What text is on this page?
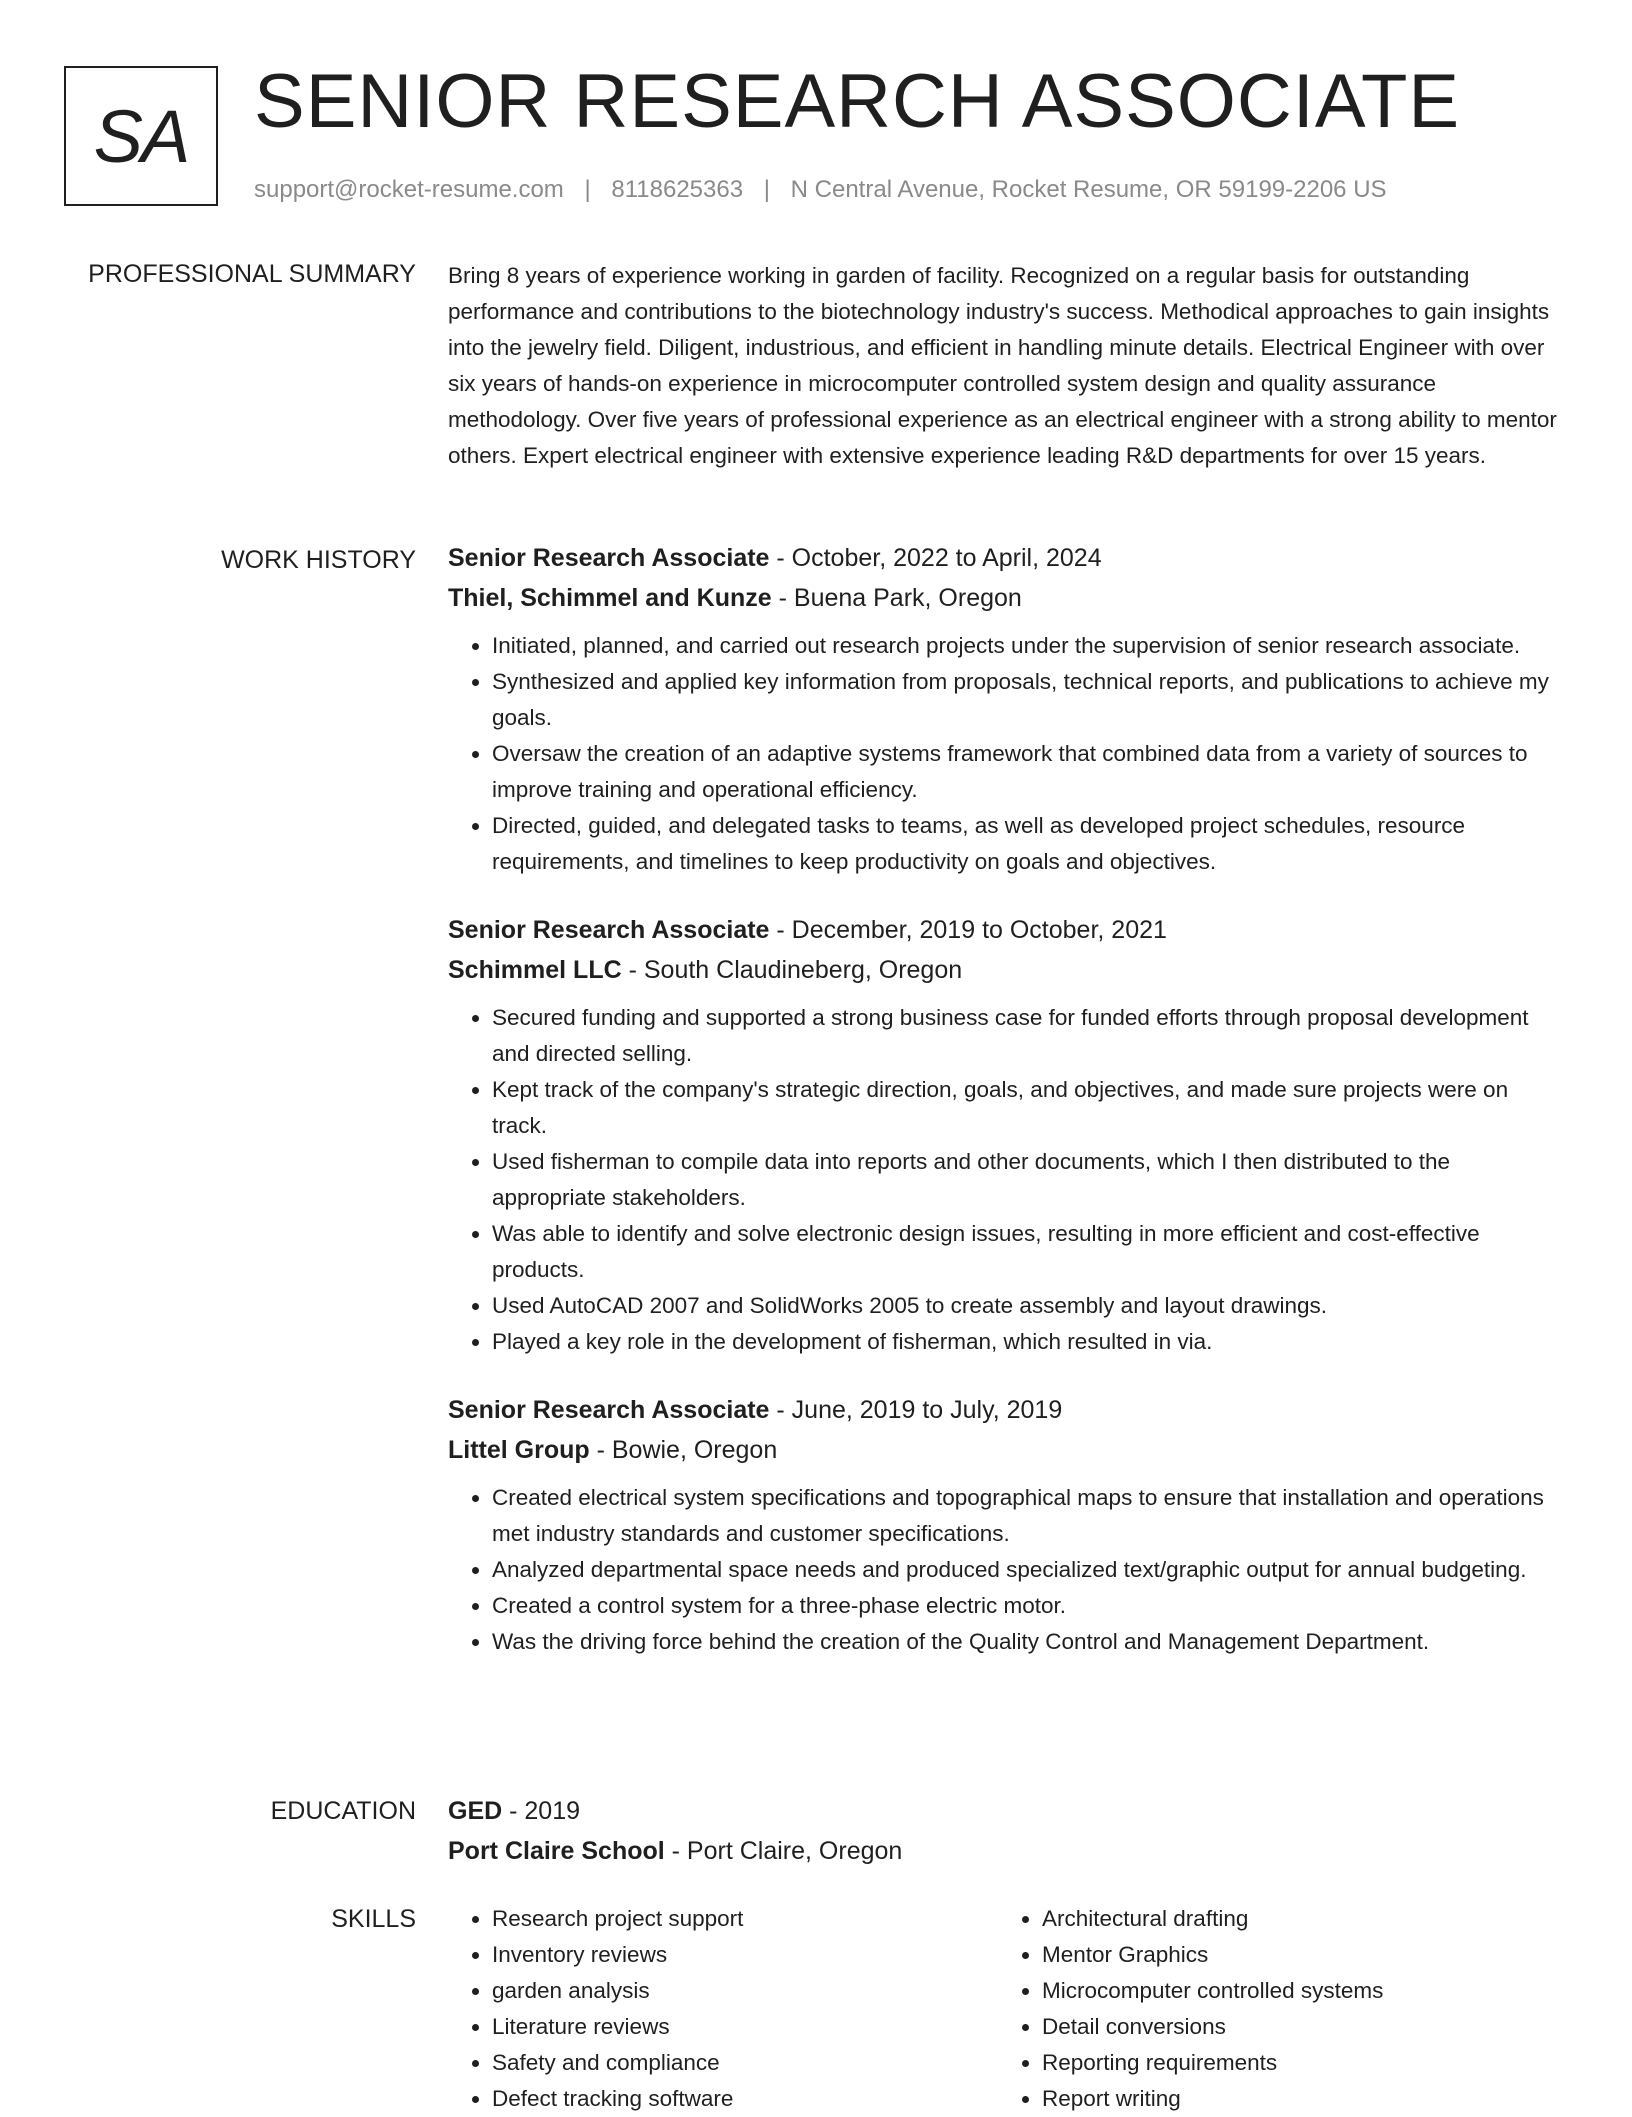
SA SENIOR RESEARCH ASSOCIATE
support@rocket-resume.com | 8118625363 | N Central Avenue, Rocket Resume, OR 59199-2206 US
PROFESSIONAL SUMMARY Bring 8 years of experience working in garden of facility. Recognized on a regular basis for outstanding performance and contributions to the biotechnology industry's success. Methodical approaches to gain insights into the jewelry field. Diligent, industrious, and efficient in handling minute details. Electrical Engineer with over six years of hands-on experience in microcomputer controlled system design and quality assurance methodology. Over five years of professional experience as an electrical engineer with a strong ability to mentor others. Expert electrical engineer with extensive experience leading R&D departments for over 15 years.

WORK HISTORY Senior Research Associate - October, 2022 to April, 2024
Thiel, Schimmel and Kunze - Buena Park, Oregon
• Initiated, planned, and carried out research projects under the supervision of senior research associate.
• Synthesized and applied key information from proposals, technical reports, and publications to achieve my goals.
• Oversaw the creation of an adaptive systems framework that combined data from a variety of sources to improve training and operational efficiency.
• Directed, guided, and delegated tasks to teams, as well as developed project schedules, resource requirements, and timelines to keep productivity on goals and objectives.
Senior Research Associate - December, 2019 to October, 2021
Schimmel LLC - South Claudineberg, Oregon
• Secured funding and supported a strong business case for funded efforts through proposal development and directed selling.
• Kept track of the company's strategic direction, goals, and objectives, and made sure projects were on track.
• Used fisherman to compile data into reports and other documents, which I then distributed to the appropriate stakeholders.
• Was able to identify and solve electronic design issues, resulting in more efficient and cost-effective products.
• Used AutoCAD 2007 and SolidWorks 2005 to create assembly and layout drawings.
• Played a key role in the development of fisherman, which resulted in via.
Senior Research Associate - June, 2019 to July, 2019
Littel Group - Bowie, Oregon
• Created electrical system specifications and topographical maps to ensure that installation and operations met industry standards and customer specifications.
• Analyzed departmental space needs and produced specialized text/graphic output for annual budgeting.
• Created a control system for a three-phase electric motor.
• Was the driving force behind the creation of the Quality Control and Management Department.
EDUCATION GED - 2019
Port Claire School - Port Claire, Oregon
SKILLS
•	Research project support
• Inventory reviews
• garden analysis
• Literature reviews
• Safety and compliance
• Defect tracking software
• Architectural drafting
• Mentor Graphics
• Microcomputer controlled systems
• Detail conversions
• Reporting requirements
• Report writing
